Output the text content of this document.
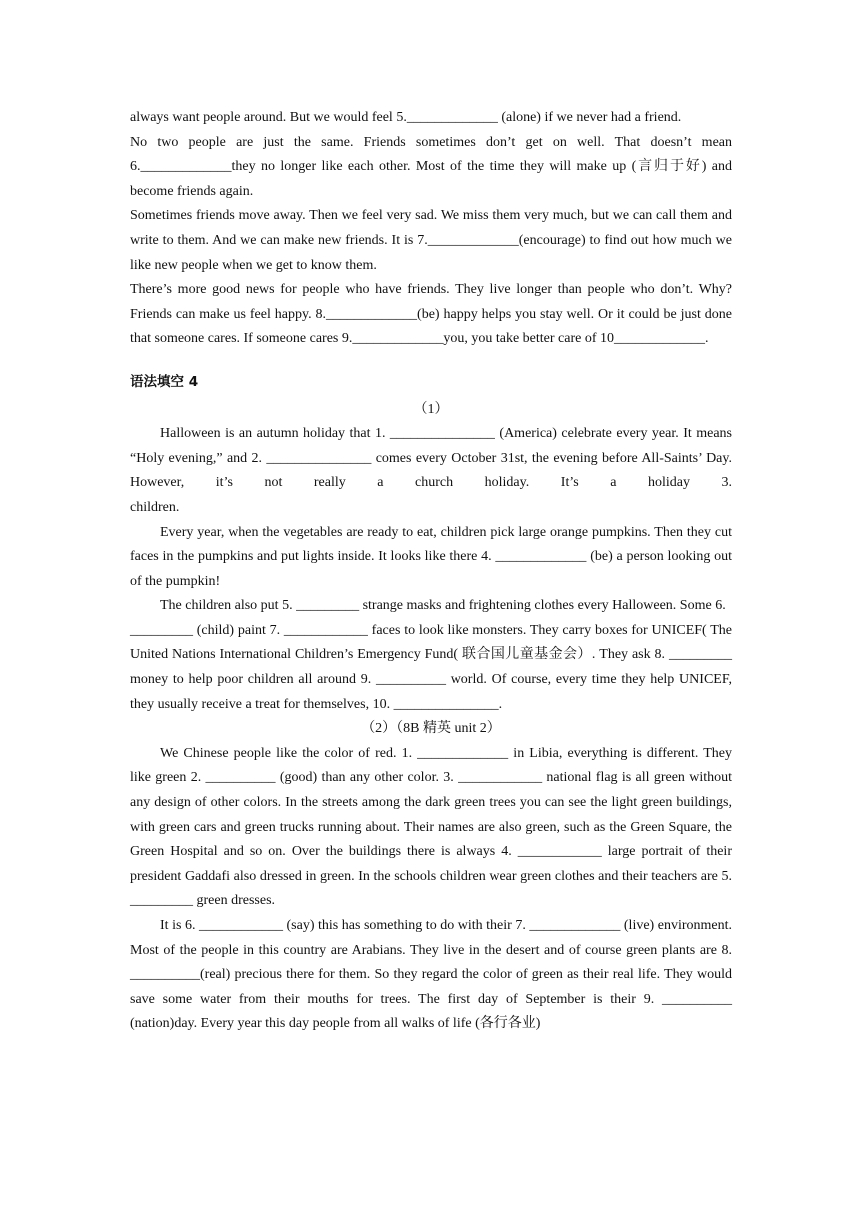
always want people around. But we would feel 5._____________ (alone) if we never had a friend.

No two people are just the same. Friends sometimes don’t get on well. That doesn’t mean 6._____________they no longer like each other. Most of the time they will make up (言归于好) and become friends again.

Sometimes friends move away. Then we feel very sad. We miss them very much, but we can call them and write to them. And we can make new friends. It is 7._____________(encourage) to find out how much we like new people when we get to know them.

There’s more good news for people who have friends. They live longer than people who don’t. Why? Friends can make us feel happy. 8._____________(be) happy helps you stay well. Or it could be just done that someone cares. If someone cares 9._____________you, you take better care of 10_____________.

语法填空 4

（1）

Halloween is an autumn holiday that 1. _______________ (America) celebrate every year. It means “Holy evening,” and 2. _______________ comes every October 31st, the evening before All-Saints’ Day. However, it’s not really a church holiday. It’s a holiday 3.

children.

Every year, when the vegetables are ready to eat, children pick large orange pumpkins. Then they cut faces in the pumpkins and put lights inside. It looks like there 4. _____________ (be) a person looking out of the pumpkin!

The children also put 5. _________ strange masks and frightening clothes every Halloween. Some 6.

_________ (child) paint 7. ____________ faces to look like monsters. They carry boxes for UNICEF( The United Nations International Children’s Emergency Fund( 联合国儿童基金会）. They ask 8. _________ money to help poor children all around 9. __________ world. Of course, every time they help UNICEF, they usually receive a treat for themselves, 10. _______________.

（2）（8B 精英 unit 2）

We Chinese people like the color of red. 1. _____________ in Libia, everything is different. They like green 2. __________ (good) than any other color. 3. ____________ national flag is all green without any design of other colors. In the streets among the dark green trees you can see the light green buildings, with green cars and green trucks running about. Their names are also green, such as the Green Square, the Green Hospital and so on. Over the buildings there is always 4. ____________ large portrait of their president Gaddafi also dressed in green. In the schools children wear green clothes and their teachers are 5. _________ green dresses.

It is 6. ____________ (say) this has something to do with their 7. _____________ (live) environment. Most of the people in this country are Arabians. They live in the desert and of course green plants are 8. __________(real) precious there for them. So they regard the color of green as their real life. They would save some water from their mouths for trees. The first day of September is their 9. __________ (nation)day. Every year this day people from all walks of life (各行各业)
